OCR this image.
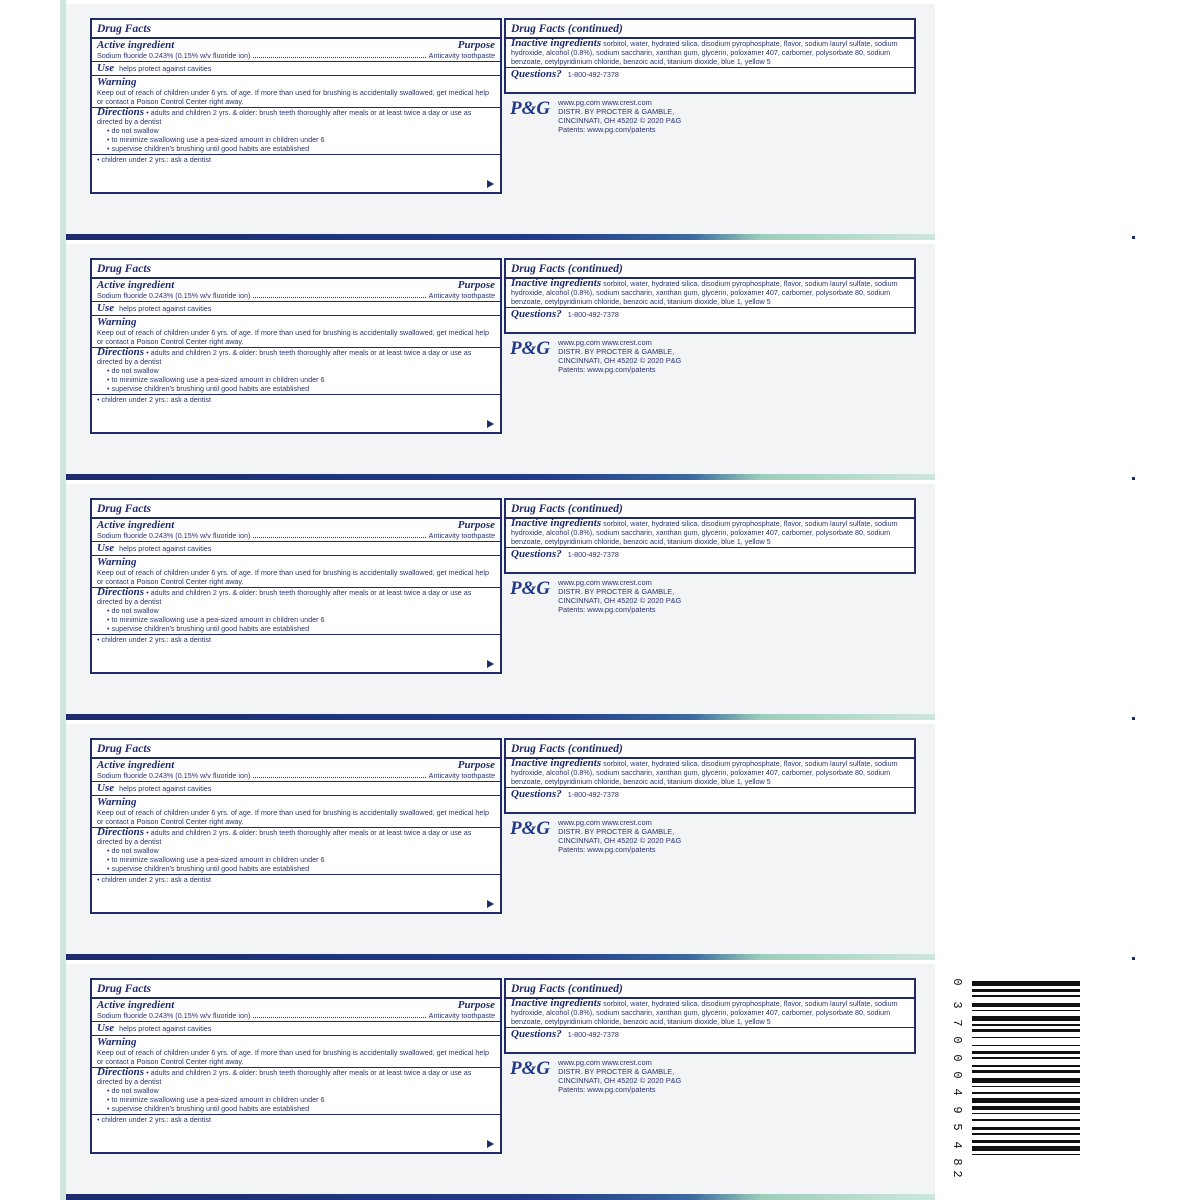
Drug Facts
Active ingredient	Purpose
Sodium fluoride 0.243% (0.15% w/v fluoride ion)	Anticavity toothpaste
Use helps protect against cavities
Warning
Keep out of reach of children under 6 yrs. of age. If more than used for brushing is accidentally swallowed, get medical help or contact a Poison Control Center right away.
Directions • adults and children 2 yrs. & older: brush teeth thoroughly after meals or at least twice a day or use as directed by a dentist
• do not swallow
• to minimize swallowing use a pea-sized amount in children under 6
• supervise children's brushing until good habits are established
• children under 2 yrs.: ask a dentist
Drug Facts (continued)
Inactive ingredients sorbitol, water, hydrated silica, disodium pyrophosphate, flavor, sodium lauryl sulfate, sodium hydroxide, alcohol (0.8%), sodium saccharin, xanthan gum, glycerin, poloxamer 407, carbomer, polysorbate 80, sodium benzoate, cetylpyridinium chloride, benzoic acid, titanium dioxide, blue 1, yellow 5
Questions? 1-800-492-7378
P&G www.pg.com www.crest.com
DISTR. BY PROCTER & GAMBLE,
CINCINNATI, OH 45202 © 2020 P&G
Patents: www.pg.com/patents
Drug Facts
Active ingredient	Purpose
Sodium fluoride 0.243% (0.15% w/v fluoride ion)	Anticavity toothpaste
Use helps protect against cavities
Warning
Keep out of reach of children under 6 yrs. of age. If more than used for brushing is accidentally swallowed, get medical help or contact a Poison Control Center right away.
Directions • adults and children 2 yrs. & older: brush teeth thoroughly after meals or at least twice a day or use as directed by a dentist
• do not swallow
• to minimize swallowing use a pea-sized amount in children under 6
• supervise children's brushing until good habits are established
• children under 2 yrs.: ask a dentist
Drug Facts (continued)
Inactive ingredients sorbitol, water, hydrated silica, disodium pyrophosphate, flavor, sodium lauryl sulfate, sodium hydroxide, alcohol (0.8%), sodium saccharin, xanthan gum, glycerin, poloxamer 407, carbomer, polysorbate 80, sodium benzoate, cetylpyridinium chloride, benzoic acid, titanium dioxide, blue 1, yellow 5
Questions? 1-800-492-7378
P&G www.pg.com www.crest.com
DISTR. BY PROCTER & GAMBLE,
CINCINNATI, OH 45202 © 2020 P&G
Patents: www.pg.com/patents
Drug Facts
Active ingredient	Purpose
Sodium fluoride 0.243% (0.15% w/v fluoride ion)	Anticavity toothpaste
Use helps protect against cavities
Warning
Keep out of reach of children under 6 yrs. of age. If more than used for brushing is accidentally swallowed, get medical help or contact a Poison Control Center right away.
Directions • adults and children 2 yrs. & older: brush teeth thoroughly after meals or at least twice a day or use as directed by a dentist
• do not swallow
• to minimize swallowing use a pea-sized amount in children under 6
• supervise children's brushing until good habits are established
• children under 2 yrs.: ask a dentist
Drug Facts (continued)
Inactive ingredients sorbitol, water, hydrated silica, disodium pyrophosphate, flavor, sodium lauryl sulfate, sodium hydroxide, alcohol (0.8%), sodium saccharin, xanthan gum, glycerin, poloxamer 407, carbomer, polysorbate 80, sodium benzoate, cetylpyridinium chloride, benzoic acid, titanium dioxide, blue 1, yellow 5
Questions? 1-800-492-7378
P&G www.pg.com www.crest.com
DISTR. BY PROCTER & GAMBLE,
CINCINNATI, OH 45202 © 2020 P&G
Patents: www.pg.com/patents
Drug Facts
Active ingredient	Purpose
Sodium fluoride 0.243% (0.15% w/v fluoride ion)	Anticavity toothpaste
Use helps protect against cavities
Warning
Keep out of reach of children under 6 yrs. of age. If more than used for brushing is accidentally swallowed, get medical help or contact a Poison Control Center right away.
Directions • adults and children 2 yrs. & older: brush teeth thoroughly after meals or at least twice a day or use as directed by a dentist
• do not swallow
• to minimize swallowing use a pea-sized amount in children under 6
• supervise children's brushing until good habits are established
• children under 2 yrs.: ask a dentist
Drug Facts (continued)
Inactive ingredients sorbitol, water, hydrated silica, disodium pyrophosphate, flavor, sodium lauryl sulfate, sodium hydroxide, alcohol (0.8%), sodium saccharin, xanthan gum, glycerin, poloxamer 407, carbomer, polysorbate 80, sodium benzoate, cetylpyridinium chloride, benzoic acid, titanium dioxide, blue 1, yellow 5
Questions? 1-800-492-7378
P&G www.pg.com www.crest.com
DISTR. BY PROCTER & GAMBLE,
CINCINNATI, OH 45202 © 2020 P&G
Patents: www.pg.com/patents
Drug Facts
Active ingredient	Purpose
Sodium fluoride 0.243% (0.15% w/v fluoride ion)	Anticavity toothpaste
Use helps protect against cavities
Warning
Keep out of reach of children under 6 yrs. of age. If more than used for brushing is accidentally swallowed, get medical help or contact a Poison Control Center right away.
Directions • adults and children 2 yrs. & older: brush teeth thoroughly after meals or at least twice a day or use as directed by a dentist
• do not swallow
• to minimize swallowing use a pea-sized amount in children under 6
• supervise children's brushing until good habits are established
• children under 2 yrs.: ask a dentist
Drug Facts (continued)
Inactive ingredients sorbitol, water, hydrated silica, disodium pyrophosphate, flavor, sodium lauryl sulfate, sodium hydroxide, alcohol (0.8%), sodium saccharin, xanthan gum, glycerin, poloxamer 407, carbomer, polysorbate 80, sodium benzoate, cetylpyridinium chloride, benzoic acid, titanium dioxide, blue 1, yellow 5
Questions? 1-800-492-7378
P&G www.pg.com www.crest.com
DISTR. BY PROCTER & GAMBLE,
CINCINNATI, OH 45202 © 2020 P&G
Patents: www.pg.com/patents
0
3
7
0
0
0
4
9
5
4
8
2
